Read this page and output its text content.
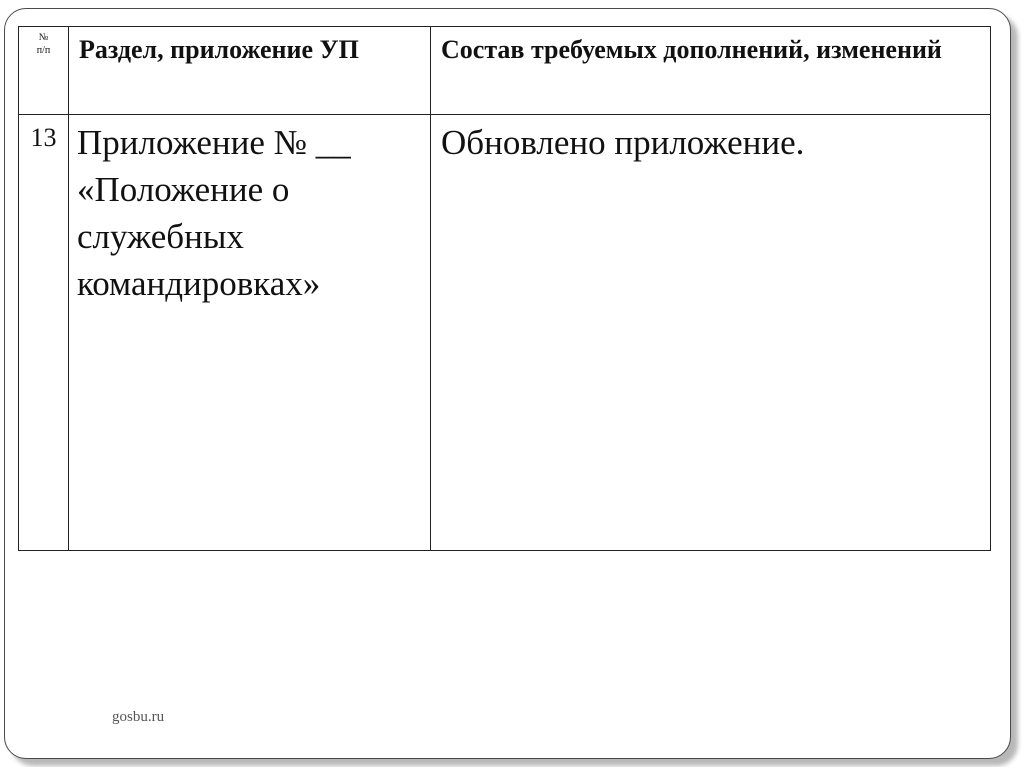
№
п/п	Раздел, приложение УП	Состав требуемых дополнений, изменений
13	Приложение № __ «Положение о служебных командировках»	Обновлено приложение.
gosbu.ru
